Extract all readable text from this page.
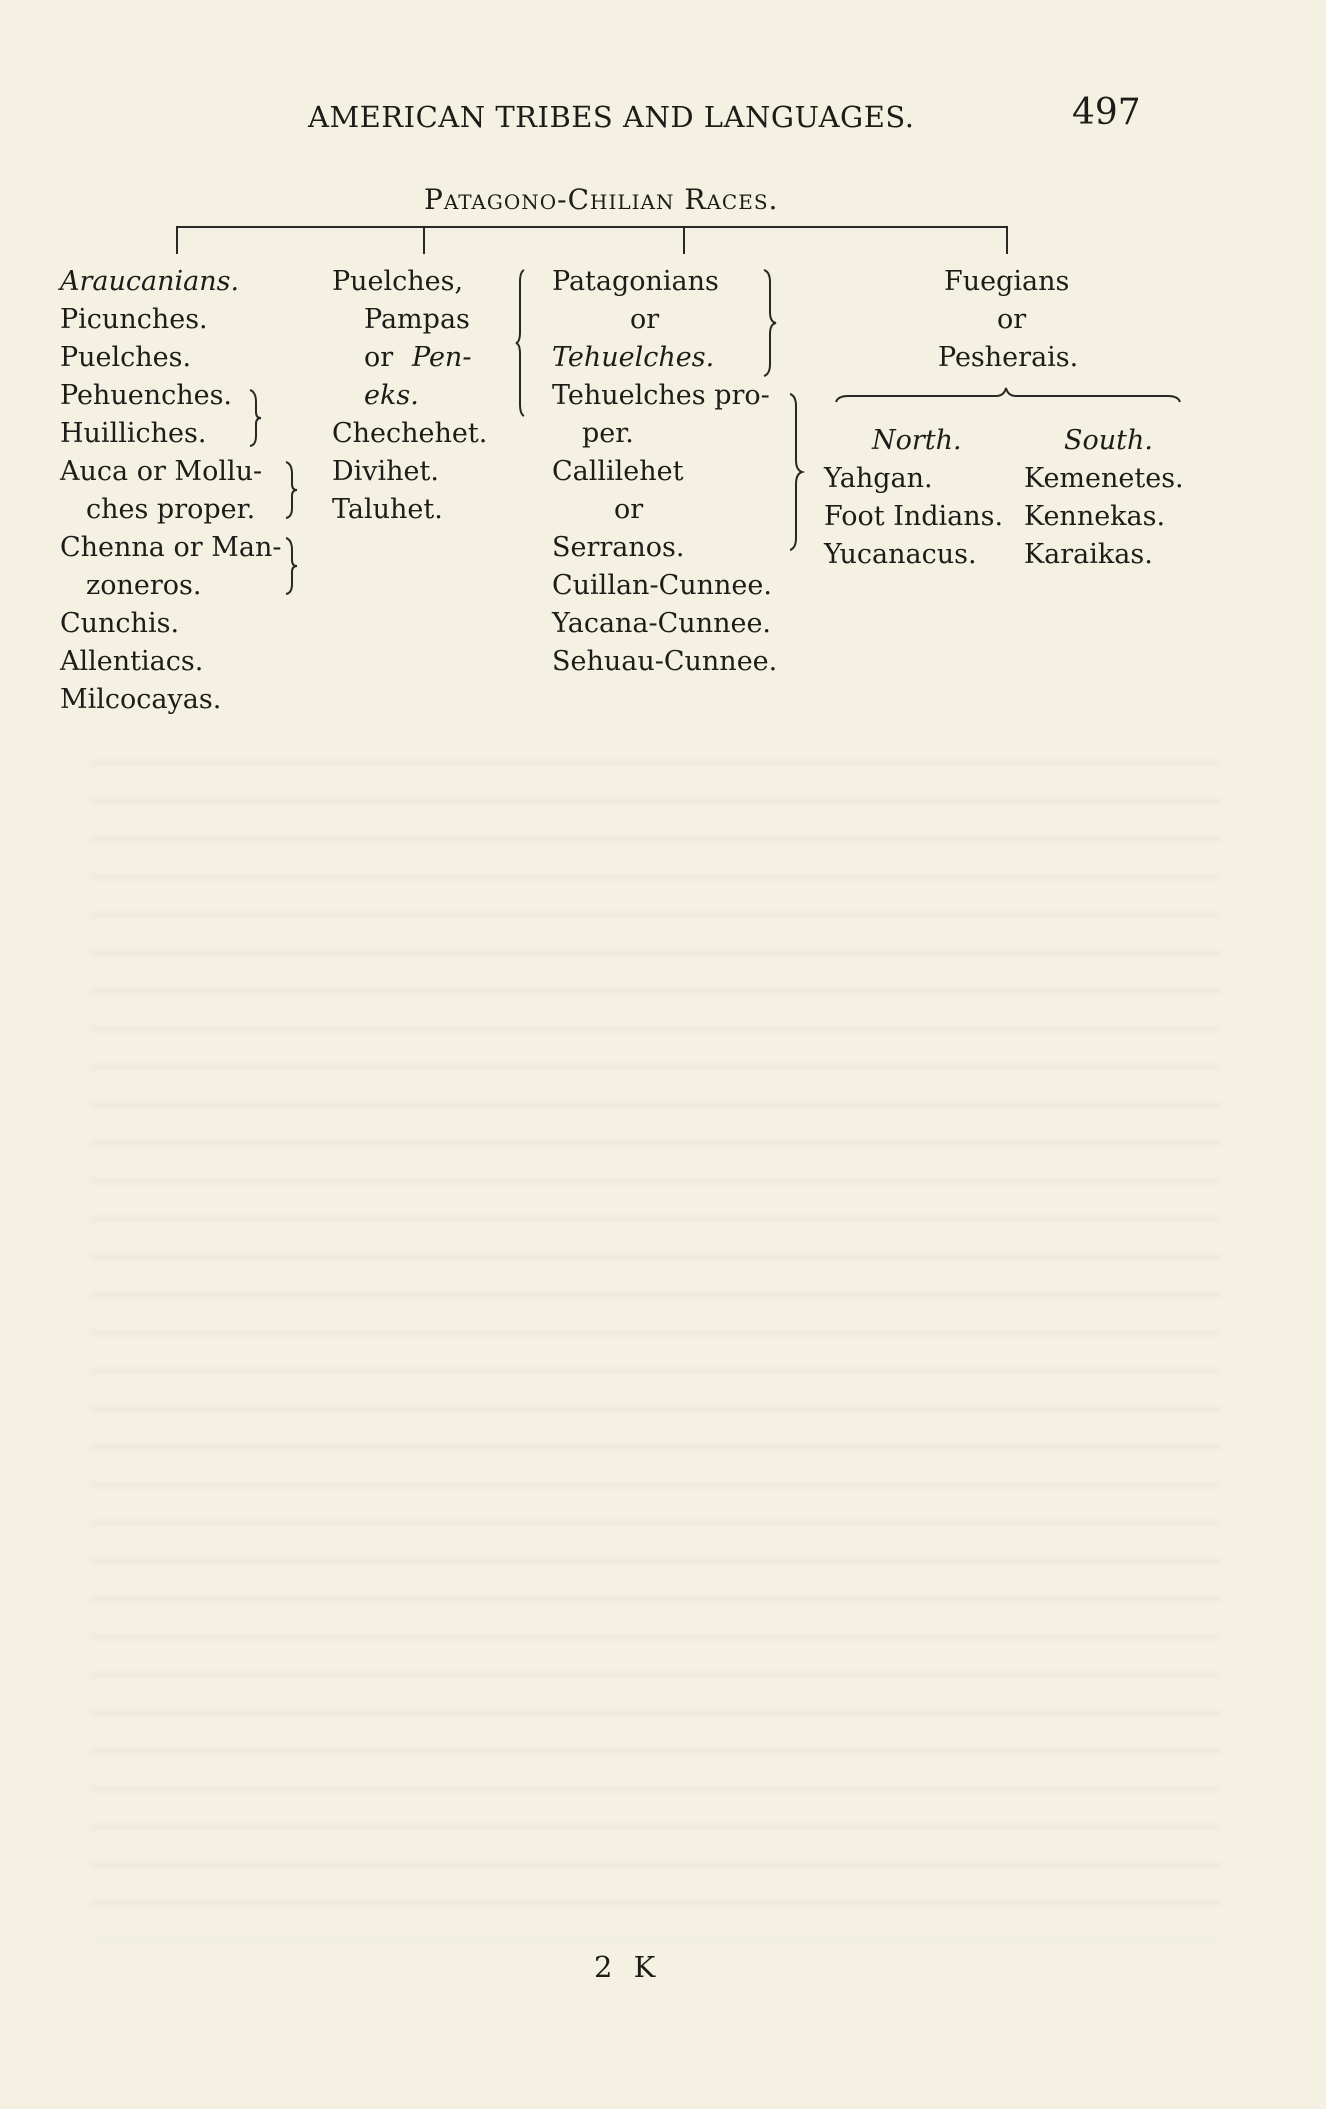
AMERICAN TRIBES AND LANGUAGES.	497
Patagono-Chilian Races.
Araucanians.
Picunches.
Puelches.
Pehuenches.
Huilliches.
Auca or Mollu-
ches proper.
Chenna or Man-
zoneros.
Cunchis.
Allentiacs.
Milcocayas.
Puelches,
Pampas
or Pen-
eks.
Chechehet.
Divihet.
Taluhet.
Patagonians
or
Tehuelches.
Tehuelches pro-
per.
Callilehet
or
Serranos.
Cuillan-Cunnee.
Yacana-Cunnee.
Sehuau-Cunnee.
Fuegians
or
Pesherais.
North.	South.
Yahgan.
Foot Indians.
Yucanacus.
Kemenetes.
Kennekas.
Karaikas.
2 K
